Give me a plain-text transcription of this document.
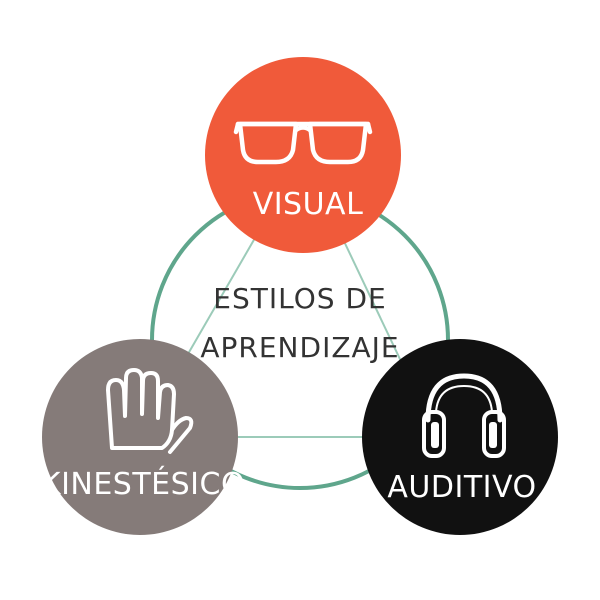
ESTILOS DE
APRENDIZAJE
VISUAL
KINESTÉSICO	AUDITIVO
